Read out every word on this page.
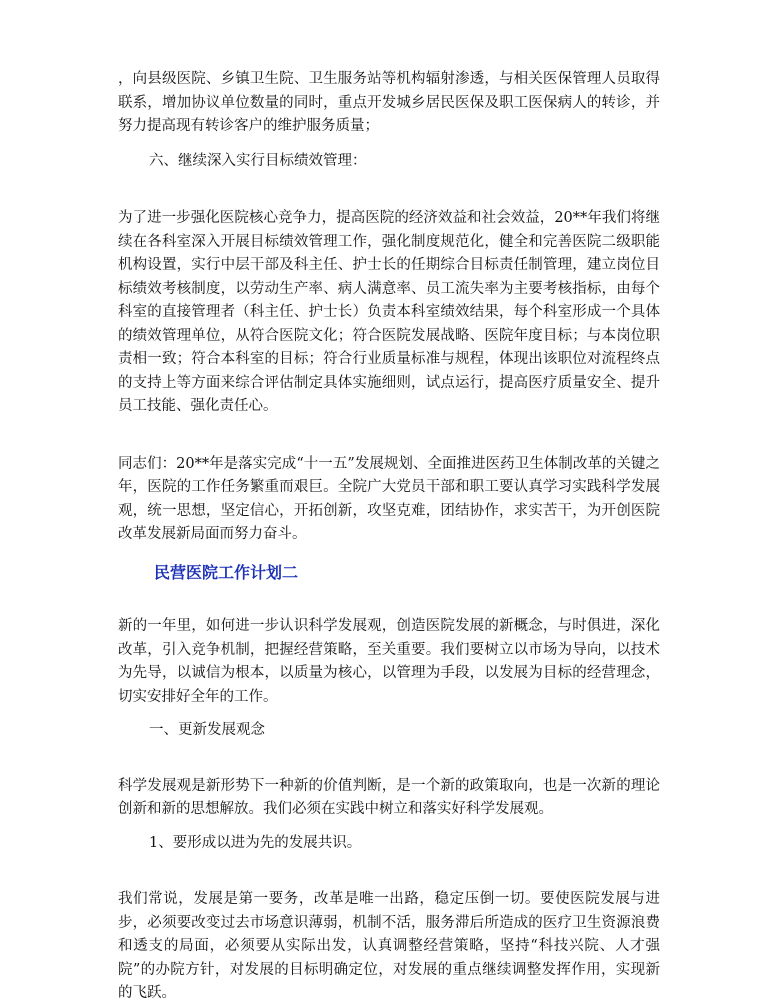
，向县级医院、乡镇卫生院、卫生服务站等机构辐射渗透，与相关医保管理人员取得联系，增加协议单位数量的同时，重点开发城乡居民医保及职工医保病人的转诊，并努力提高现有转诊客户的维护服务质量；

六、继续深入实行目标绩效管理：

为了进一步强化医院核心竞争力，提高医院的经济效益和社会效益，20**年我们将继续在各科室深入开展目标绩效管理工作，强化制度规范化，健全和完善医院二级职能机构设置，实行中层干部及科主任、护士长的任期综合目标责任制管理，建立岗位目标绩效考核制度，以劳动生产率、病人满意率、员工流失率为主要考核指标，由每个科室的直接管理者（科主任、护士长）负责本科室绩效结果，每个科室形成一个具体的绩效管理单位，从符合医院文化；符合医院发展战略、医院年度目标；与本岗位职责相一致；符合本科室的目标；符合行业质量标准与规程，体现出该职位对流程终点的支持上等方面来综合评估制定具体实施细则，试点运行，提高医疗质量安全、提升员工技能、强化责任心。

同志们：20**年是落实完成“十一五”发展规划、全面推进医药卫生体制改革的关键之年，医院的工作任务繁重而艰巨。全院广大党员干部和职工要认真学习实践科学发展观，统一思想，坚定信心，开拓创新，攻坚克难，团结协作，求实苦干，为开创医院改革发展新局面而努力奋斗。

民营医院工作计划二

新的一年里，如何进一步认识科学发展观，创造医院发展的新概念，与时俱进，深化改革，引入竞争机制，把握经营策略，至关重要。我们要树立以市场为导向，以技术为先导，以诚信为根本，以质量为核心，以管理为手段，以发展为目标的经营理念，切实安排好全年的工作。

一、更新发展观念

科学发展观是新形势下一种新的价值判断，是一个新的政策取向，也是一次新的理论创新和新的思想解放。我们必须在实践中树立和落实好科学发展观。

1、要形成以进为先的发展共识。

我们常说，发展是第一要务，改革是唯一出路，稳定压倒一切。要使医院发展与进步，必须要改变过去市场意识薄弱，机制不活，服务滞后所造成的医疗卫生资源浪费和透支的局面，必须要从实际出发，认真调整经营策略，坚持“科技兴院、人才强院”的办院方针，对发展的目标明确定位，对发展的重点继续调整发挥作用，实现新的飞跃。
